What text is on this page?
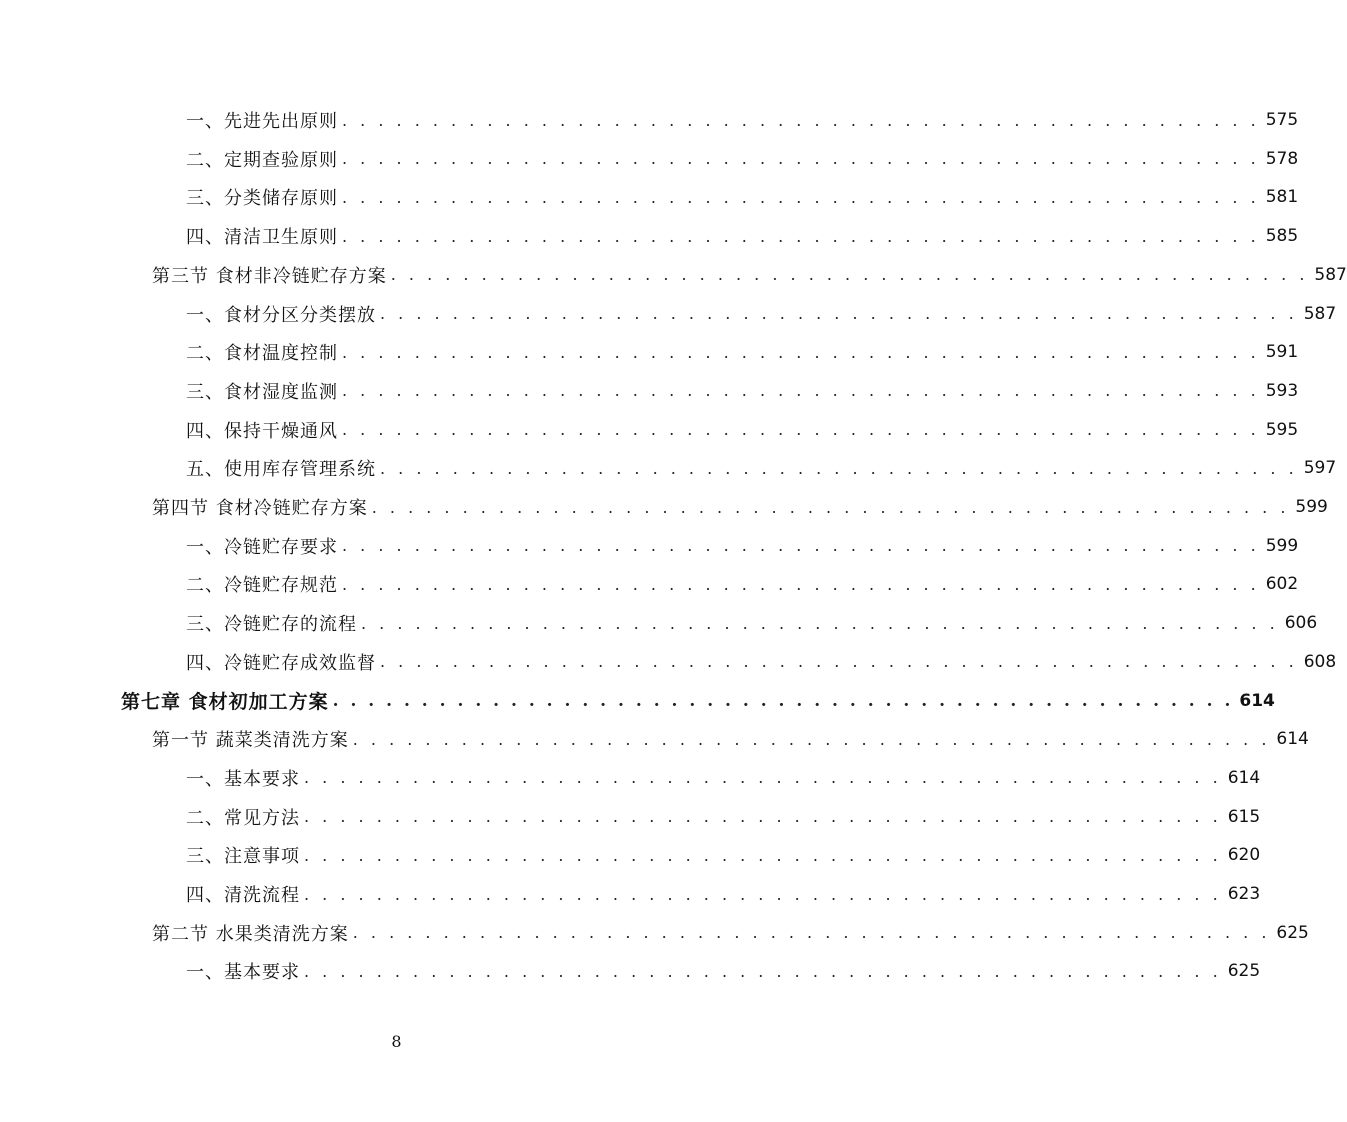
一、先进先出原则 . . . . . . . . . . . . . . . . . . . . . . . . . . . . . . . . . . . . . . . . . . . . . . . . . . . 575
二、定期查验原则 . . . . . . . . . . . . . . . . . . . . . . . . . . . . . . . . . . . . . . . . . . . . . . . . . . . 578
三、分类储存原则 . . . . . . . . . . . . . . . . . . . . . . . . . . . . . . . . . . . . . . . . . . . . . . . . . . . 581
四、清洁卫生原则 . . . . . . . . . . . . . . . . . . . . . . . . . . . . . . . . . . . . . . . . . . . . . . . . . . . 585
第三节 食材非冷链贮存方案 . . . . . . . . . . . . . . . . . . . . . . . . . . . . . . . . . . . . . . . . . . . . . . . . . . . 587
一、食材分区分类摆放 . . . . . . . . . . . . . . . . . . . . . . . . . . . . . . . . . . . . . . . . . . . . . . . . . . . 587
二、食材温度控制 . . . . . . . . . . . . . . . . . . . . . . . . . . . . . . . . . . . . . . . . . . . . . . . . . . . 591
三、食材湿度监测 . . . . . . . . . . . . . . . . . . . . . . . . . . . . . . . . . . . . . . . . . . . . . . . . . . . 593
四、保持干燥通风 . . . . . . . . . . . . . . . . . . . . . . . . . . . . . . . . . . . . . . . . . . . . . . . . . . . 595
五、使用库存管理系统 . . . . . . . . . . . . . . . . . . . . . . . . . . . . . . . . . . . . . . . . . . . . . . . . . . . 597
第四节 食材冷链贮存方案 . . . . . . . . . . . . . . . . . . . . . . . . . . . . . . . . . . . . . . . . . . . . . . . . . . . 599
一、冷链贮存要求 . . . . . . . . . . . . . . . . . . . . . . . . . . . . . . . . . . . . . . . . . . . . . . . . . . . 599
二、冷链贮存规范 . . . . . . . . . . . . . . . . . . . . . . . . . . . . . . . . . . . . . . . . . . . . . . . . . . . 602
三、冷链贮存的流程 . . . . . . . . . . . . . . . . . . . . . . . . . . . . . . . . . . . . . . . . . . . . . . . . . . . 606
四、冷链贮存成效监督 . . . . . . . . . . . . . . . . . . . . . . . . . . . . . . . . . . . . . . . . . . . . . . . . . . . 608
第七章 食材初加工方案 . . . . . . . . . . . . . . . . . . . . . . . . . . . . . . . . . . . . . . . . . . . . . . . . . . . 614
第一节 蔬菜类清洗方案 . . . . . . . . . . . . . . . . . . . . . . . . . . . . . . . . . . . . . . . . . . . . . . . . . . . 614
一、基本要求 . . . . . . . . . . . . . . . . . . . . . . . . . . . . . . . . . . . . . . . . . . . . . . . . . . . 614
二、常见方法 . . . . . . . . . . . . . . . . . . . . . . . . . . . . . . . . . . . . . . . . . . . . . . . . . . . 615
三、注意事项 . . . . . . . . . . . . . . . . . . . . . . . . . . . . . . . . . . . . . . . . . . . . . . . . . . . 620
四、清洗流程 . . . . . . . . . . . . . . . . . . . . . . . . . . . . . . . . . . . . . . . . . . . . . . . . . . . 623
第二节 水果类清洗方案 . . . . . . . . . . . . . . . . . . . . . . . . . . . . . . . . . . . . . . . . . . . . . . . . . . . 625
一、基本要求 . . . . . . . . . . . . . . . . . . . . . . . . . . . . . . . . . . . . . . . . . . . . . . . . . . . 625
8
